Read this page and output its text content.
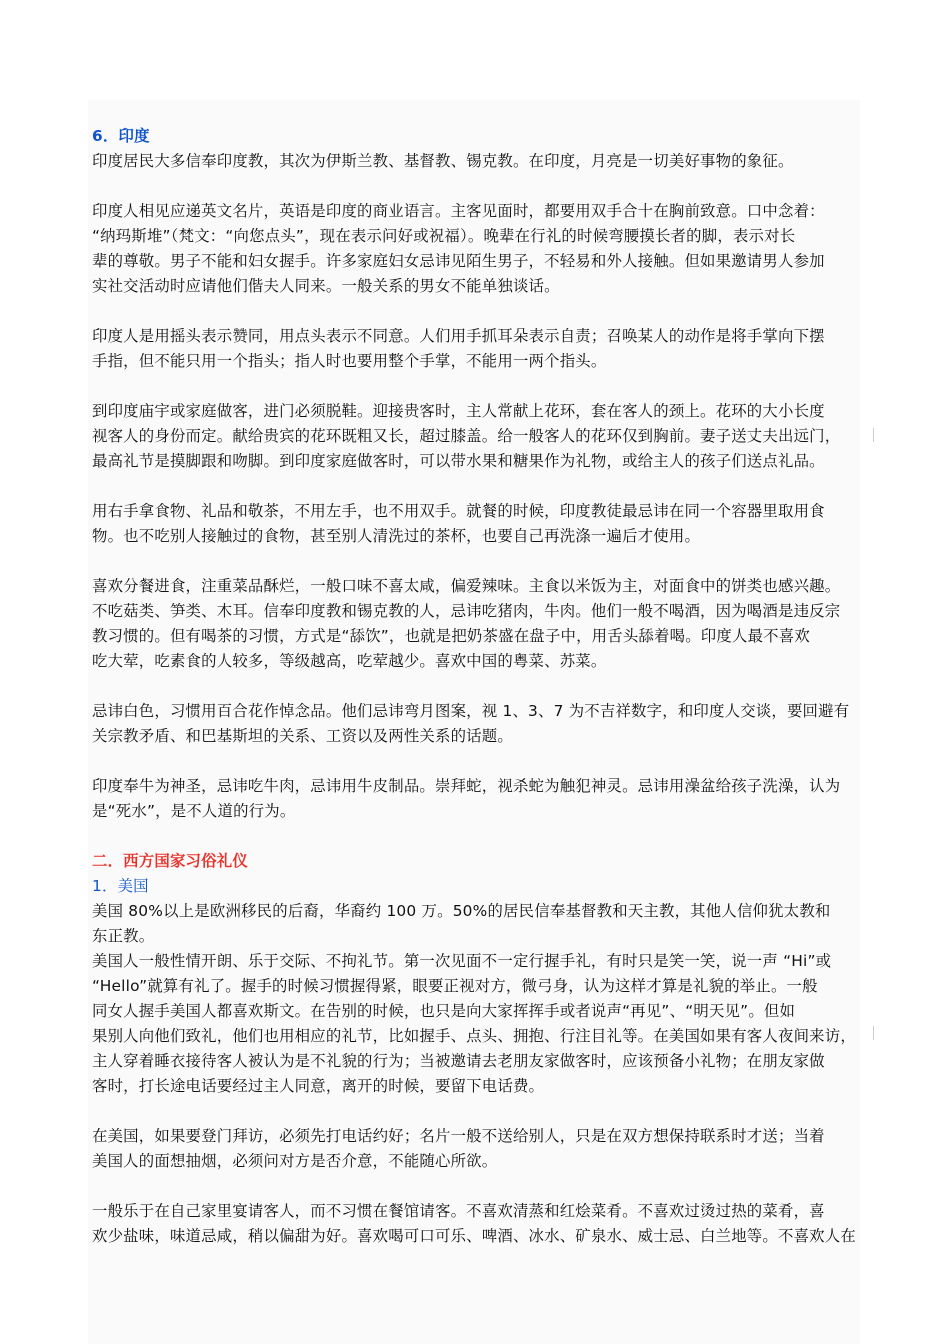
6．印度

印度居民大多信奉印度教，其次为伊斯兰教、基督教、锡克教。在印度，月亮是一切美好事物的象征。

印度人相见应递英文名片，英语是印度的商业语言。主客见面时，都要用双手合十在胸前致意。口中念着：
“纳玛斯堆”（梵文：“向您点头”，现在表示问好或祝福）。晚辈在行礼的时候弯腰摸长者的脚，表示对长
辈的尊敬。男子不能和妇女握手。许多家庭妇女忌讳见陌生男子，不轻易和外人接触。但如果邀请男人参加
实社交活动时应请他们偕夫人同来。一般关系的男女不能单独谈话。

印度人是用摇头表示赞同，用点头表示不同意。人们用手抓耳朵表示自责；召唤某人的动作是将手掌向下摆
手指，但不能只用一个指头；指人时也要用整个手掌，不能用一两个指头。

到印度庙宇或家庭做客，进门必须脱鞋。迎接贵客时，主人常献上花环，套在客人的颈上。花环的大小长度
视客人的身份而定。献给贵宾的花环既粗又长，超过膝盖。给一般客人的花环仅到胸前。妻子送丈夫出远门，
最高礼节是摸脚跟和吻脚。到印度家庭做客时，可以带水果和糖果作为礼物，或给主人的孩子们送点礼品。

用右手拿食物、礼品和敬茶，不用左手，也不用双手。就餐的时候，印度教徒最忌讳在同一个容器里取用食
物。也不吃别人接触过的食物，甚至别人清洗过的茶杯，也要自己再洗涤一遍后才使用。

喜欢分餐进食，注重菜品酥烂，一般口味不喜太咸，偏爱辣味。主食以米饭为主，对面食中的饼类也感兴趣。
不吃菇类、笋类、木耳。信奉印度教和锡克教的人，忌讳吃猪肉，牛肉。他们一般不喝酒，因为喝酒是违反宗
教习惯的。但有喝茶的习惯，方式是“舔饮”，也就是把奶茶盛在盘子中，用舌头舔着喝。印度人最不喜欢
吃大荤，吃素食的人较多，等级越高，吃荤越少。喜欢中国的粤菜、苏菜。

忌讳白色，习惯用百合花作悼念品。他们忌讳弯月图案，视 1、3、7 为不吉祥数字，和印度人交谈，要回避有
关宗教矛盾、和巴基斯坦的关系、工资以及两性关系的话题。

印度奉牛为神圣，忌讳吃牛肉，忌讳用牛皮制品。崇拜蛇，视杀蛇为触犯神灵。忌讳用澡盆给孩子洗澡，认为
是“死水”，是不人道的行为。

二．西方国家习俗礼仪

1．美国

美国 80%以上是欧洲移民的后裔，华裔约 100 万。50%的居民信奉基督教和天主教，其他人信仰犹太教和
东正教。

美国人一般性情开朗、乐于交际、不拘礼节。第一次见面不一定行握手礼，有时只是笑一笑，说一声 “Hi”或
“Hello”就算有礼了。握手的时候习惯握得紧，眼要正视对方，微弓身，认为这样才算是礼貌的举止。一般
同女人握手美国人都喜欢斯文。在告别的时候，也只是向大家挥挥手或者说声“再见”、“明天见”。但如
果别人向他们致礼，他们也用相应的礼节，比如握手、点头、拥抱、行注目礼等。在美国如果有客人夜间来访，
主人穿着睡衣接待客人被认为是不礼貌的行为；当被邀请去老朋友家做客时，应该预备小礼物；在朋友家做
客时，打长途电话要经过主人同意，离开的时候，要留下电话费。

在美国，如果要登门拜访，必须先打电话约好；名片一般不送给别人，只是在双方想保持联系时才送；当着
美国人的面想抽烟，必须问对方是否介意，不能随心所欲。

一般乐于在自己家里宴请客人，而不习惯在餐馆请客。不喜欢清蒸和红烩菜肴。不喜欢过烫过热的菜肴，喜
欢少盐味，味道忌咸，稍以偏甜为好。喜欢喝可口可乐、啤酒、冰水、矿泉水、威士忌、白兰地等。不喜欢人在
